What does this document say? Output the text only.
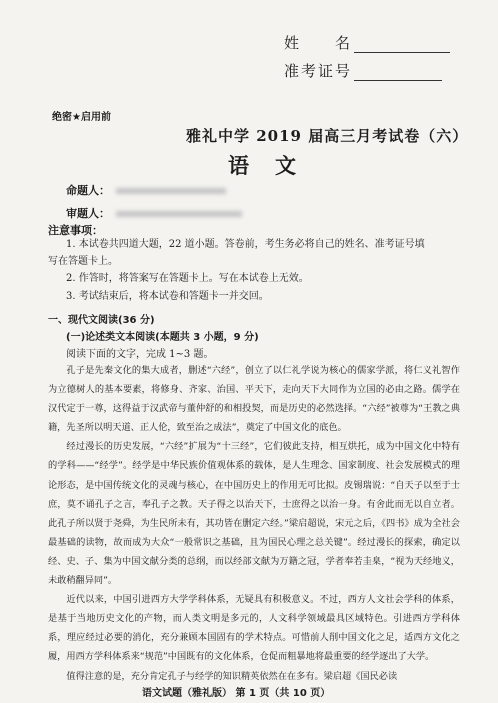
姓　　名
准考证号
绝密★启用前
雅礼中学 2019 届高三月考试卷（六）
语文
命题人：
审题人：
注意事项：
1. 本试卷共四道大题，22 道小题。答卷前，考生务必将自己的姓名、准考证号填
写在答题卡上。
2. 作答时，将答案写在答题卡上。写在本试卷上无效。
3. 考试结束后，将本试卷和答题卡一并交回。
一、现代文阅读(36 分)
(一)论述类文本阅读(本题共 3 小题，9 分)
阅读下面的文字，完成 1~3 题。

孔子是先秦文化的集大成者，删述“六经”，创立了以仁礼学说为核心的儒家学派，将仁义礼智作为立德树人的基本要素，将修身、齐家、治国、平天下，走向天下大同作为立国的必由之路。儒学在汉代定于一尊，这得益于汉武帝与董仲舒的和相投契，而是历史的必然选择。“六经”被尊为“王教之典籍，先圣所以明天道、正人伦，致至治之成法”，奠定了中国文化的底色。

经过漫长的历史发展，“六经”扩展为“十三经”，它们彼此支持，相互烘托，成为中国文化中特有的学科——“经学”。经学是中华民族价值观体系的载体，是人生理念、国家制度、社会发展模式的理论形态，是中国传统文化的灵魂与核心，在中国历史上的作用无可比拟。皮锡瑞说：“自天子以至于士庶，莫不诵孔子之言，奉孔子之教。天子得之以治天下，士庶得之以治一身。有舍此而无以自立者。此孔子所以贤于尧舜，为生民所未有，其功皆在删定六经。”梁启超说，宋元之后，《四书》成为全社会最基础的读物，故而成为大众“一般常识之基础，且为国民心理之总关键”。经过漫长的探索，确定以经、史、子、集为中国文献分类的总纲，而以经部文献为万籍之冠，学者奉若圭臬，“视为天经地义，未敢稍翻异同”。

近代以来，中国引进西方大学学科体系，无疑具有积极意义。不过，西方人文社会学科的体系，是基于当地历史文化的产物，而人类文明是多元的，人文科学领域最具区域特色。引进西方学科体系，理应经过必要的消化，充分兼顾本国固有的学术特点。可惜前人削中国文化之足，适西方文化之履，用西方学科体系来“规范”中国既有的文化体系，仓促而粗暴地将最重要的经学逐出了大学。

值得注意的是，充分肯定孔子与经学的知识精英依然在在多有。梁启超《国民必读

语文试题（雅礼版） 第 1 页（共 10 页）
